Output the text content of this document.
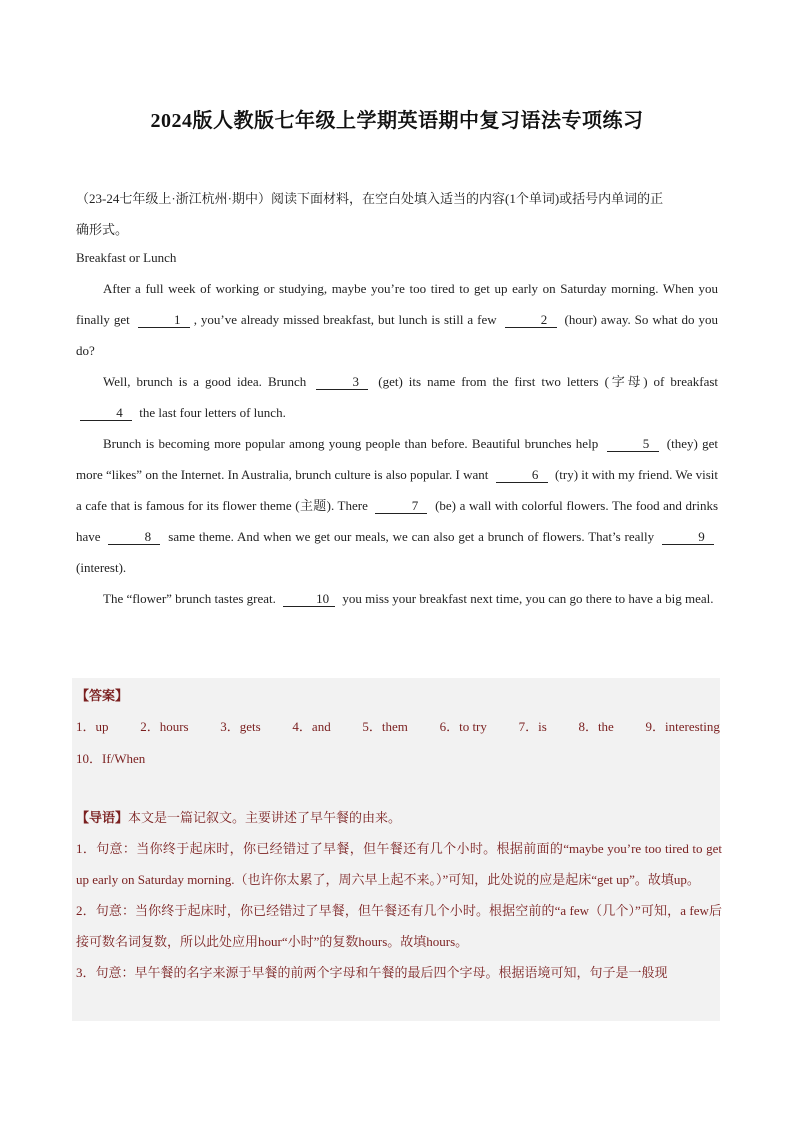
2024版人教版七年级上学期英语期中复习语法专项练习

（23-24七年级上·浙江杭州·期中）阅读下面材料，在空白处填入适当的内容(1个单词)或括号内单词的正

确形式。

Breakfast or Lunch

After a full week of working or studying, maybe you’re too tired to get up early on Saturday morning. When you finally get	1 , you’ve already missed breakfast, but lunch is still a few	2 (hour) away. So what do you do?

Well, brunch is a good idea. Brunch	3 (get) its name from the first two letters (字母) of breakfast 4 the last four letters of lunch.

Brunch is becoming more popular among young people than before. Beautiful brunches help	5 (they) get more “likes” on the Internet. In Australia, brunch culture is also popular. I want	6 (try) it with my friend. We visit a cafe that is famous for its flower theme (主题). There	7 (be) a wall with colorful flowers. The food and drinks have	8 same theme. And when we get our meals, we can also get a brunch of flowers. That’s really	9 (interest).

The “flower” brunch tastes great.	10 you miss your breakfast next time, you can go there to have a big meal.

【答案】
1．up 2．hours 3．gets 4．and 5．them 6．to try 7．is 8．the 9．interesting
10．If/When

【导语】本文是一篇记叙文。主要讲述了早午餐的由来。

1．句意：当你终于起床时，你已经错过了早餐，但午餐还有几个小时。根据前面的“maybe you’re too tired to get up early on Saturday morning.（也许你太累了，周六早上起不来。）”可知，此处说的应是起床“get up”。故填up。

2．句意：当你终于起床时，你已经错过了早餐，但午餐还有几个小时。根据空前的“a few（几个）”可知，a few后接可数名词复数，所以此处应用hour“小时”的复数hours。故填hours。

3．句意：早午餐的名字来源于早餐的前两个字母和午餐的最后四个字母。根据语境可知，句子是一般现
